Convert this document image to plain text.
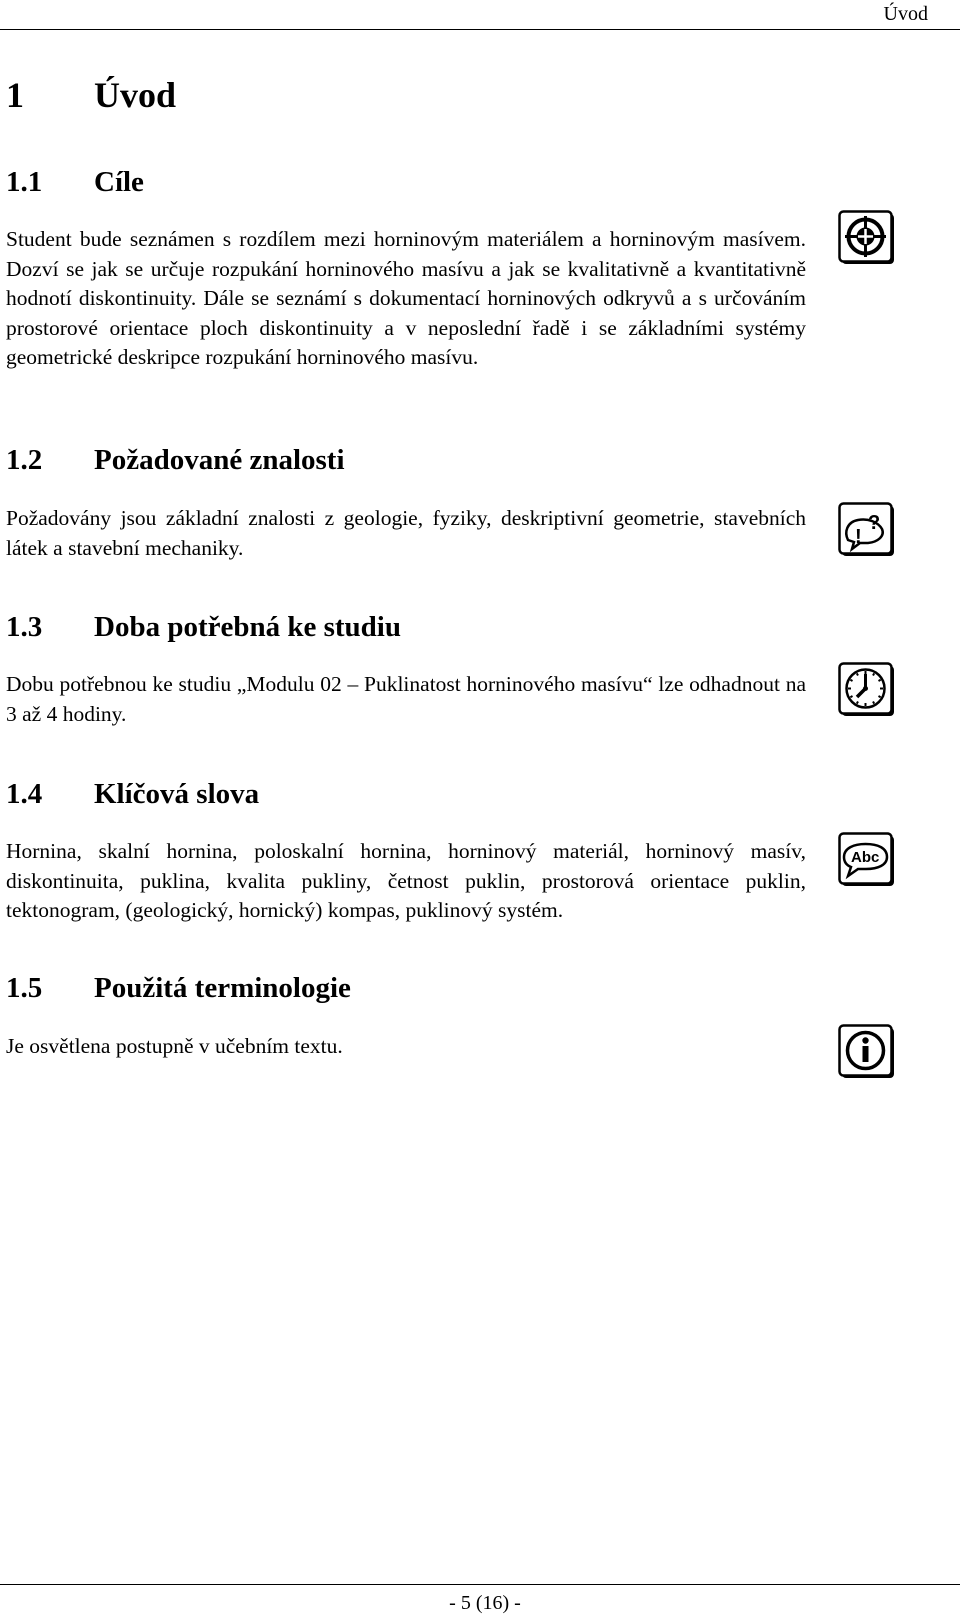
Úvod
1 Úvod
1.1 Cíle

Student bude seznámen s rozdílem mezi horninovým materiálem a horninovým masívem. Dozví se jak se určuje rozpukání horninového masívu a jak se kvalitativně a kvantitativně hodnotí diskontinuity. Dále se seznámí s dokumentací horninových odkryvů a s určováním prostorové orientace ploch diskontinuity a v neposlední řadě i se základními systémy geometrické deskripce rozpukání horninového masívu.

1.2 Požadované znalosti

Požadovány jsou základní znalosti z geologie, fyziky, deskriptivní geometrie, stavebních látek a stavební mechaniky.	!
?
1.3 Doba potřebná ke studiu

Dobu potřebnou ke studiu „Modulu 02 – Puklinatost horninového masívu“ lze odhadnout na 3 až 4 hodiny.

1.4 Klíčová slova

Hornina, skalní hornina, poloskalní hornina, horninový materiál, horninový masív, diskontinuita, puklina, kvalita pukliny, četnost puklin, prostorová orientace puklin, tektonogram, (geologický, hornický) kompas, puklinový systém.

Abc
1.5 Použitá terminologie

Je osvětlena postupně v učebním textu.

- 5 (16) -
